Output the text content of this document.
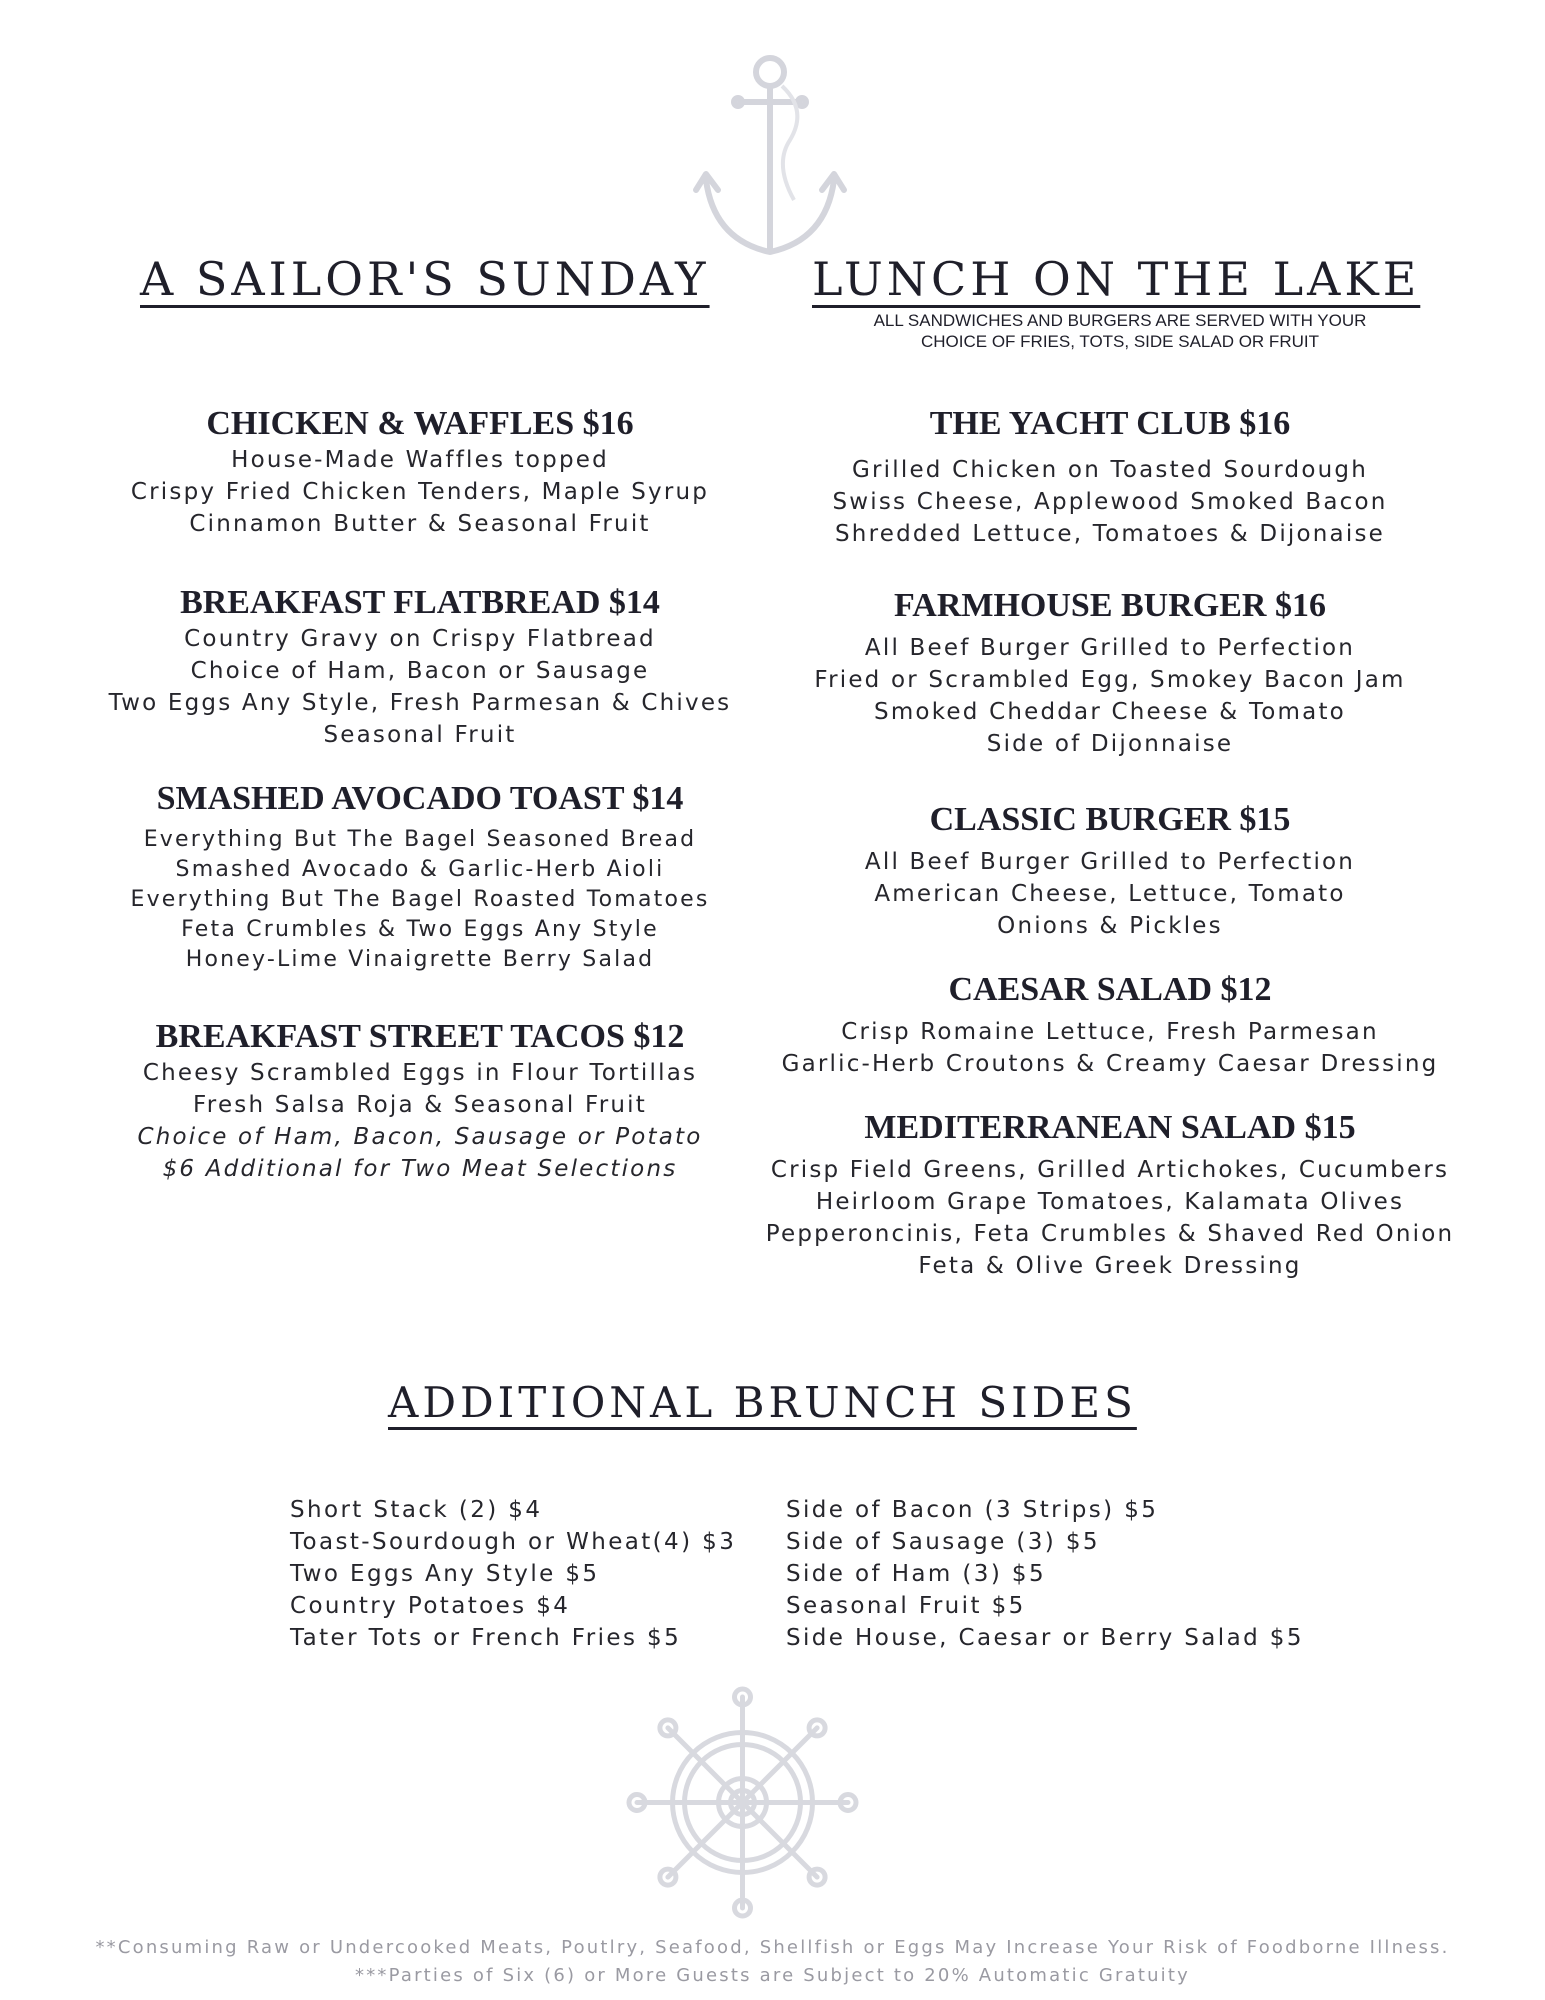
A SAILOR'S SUNDAY
CHICKEN & WAFFLES $16
House-Made Waffles topped
Crispy Fried Chicken Tenders, Maple Syrup
Cinnamon Butter & Seasonal Fruit
BREAKFAST FLATBREAD $14
Country Gravy on Crispy Flatbread
Choice of Ham, Bacon or Sausage
Two Eggs Any Style, Fresh Parmesan & Chives
Seasonal Fruit
SMASHED AVOCADO TOAST $14
Everything But The Bagel Seasoned Bread
Smashed Avocado & Garlic-Herb Aioli
Everything But The Bagel Roasted Tomatoes
Feta Crumbles & Two Eggs Any Style
Honey-Lime Vinaigrette Berry Salad
BREAKFAST STREET TACOS $12
Cheesy Scrambled Eggs in Flour Tortillas
Fresh Salsa Roja & Seasonal Fruit
Choice of Ham, Bacon, Sausage or Potato
$6 Additional for Two Meat Selections
LUNCH ON THE LAKE
ALL SANDWICHES AND BURGERS ARE SERVED WITH YOUR
CHOICE OF FRIES, TOTS, SIDE SALAD OR FRUIT
THE YACHT CLUB $16
Grilled Chicken on Toasted Sourdough
Swiss Cheese, Applewood Smoked Bacon
Shredded Lettuce, Tomatoes & Dijonaise
FARMHOUSE BURGER $16
All Beef Burger Grilled to Perfection
Fried or Scrambled Egg, Smokey Bacon Jam
Smoked Cheddar Cheese & Tomato
Side of Dijonnaise
CLASSIC BURGER $15
All Beef Burger Grilled to Perfection
American Cheese, Lettuce, Tomato
Onions & Pickles
CAESAR SALAD $12
Crisp Romaine Lettuce, Fresh Parmesan
Garlic-Herb Croutons & Creamy Caesar Dressing
MEDITERRANEAN SALAD $15
Crisp Field Greens, Grilled Artichokes, Cucumbers
Heirloom Grape Tomatoes, Kalamata Olives
Pepperoncinis, Feta Crumbles & Shaved Red Onion
Feta & Olive Greek Dressing
ADDITIONAL BRUNCH SIDES
Short Stack (2) $4
Toast-Sourdough or Wheat(4) $3
Two Eggs Any Style $5
Country Potatoes $4
Tater Tots or French Fries $5
Side of Bacon (3 Strips) $5
Side of Sausage (3) $5
Side of Ham (3) $5
Seasonal Fruit $5
Side House, Caesar or Berry Salad $5
**Consuming Raw or Undercooked Meats, Poutlry, Seafood, Shellfish or Eggs May Increase Your Risk of Foodborne Illness.
***Parties of Six (6) or More Guests are Subject to 20% Automatic Gratuity
